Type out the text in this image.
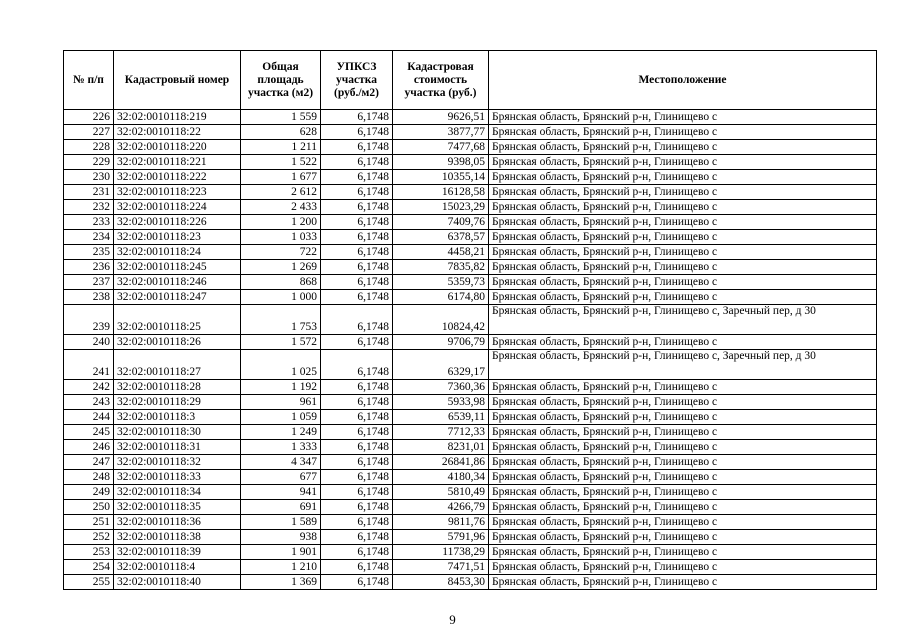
№ п/п	Кадастровый номер	Общая площадь участка (м2)	УПКСЗ участка (руб./м2)	Кадастровая стоимость участка (руб.)	Местоположение
226	32:02:0010118:219	1 559	6,1748	9626,51	Брянская область, Брянский р-н, Глинищево с
227	32:02:0010118:22	628	6,1748	3877,77	Брянская область, Брянский р-н, Глинищево с
228	32:02:0010118:220	1 211	6,1748	7477,68	Брянская область, Брянский р-н, Глинищево с
229	32:02:0010118:221	1 522	6,1748	9398,05	Брянская область, Брянский р-н, Глинищево с
230	32:02:0010118:222	1 677	6,1748	10355,14	Брянская область, Брянский р-н, Глинищево с
231	32:02:0010118:223	2 612	6,1748	16128,58	Брянская область, Брянский р-н, Глинищево с
232	32:02:0010118:224	2 433	6,1748	15023,29	Брянская область, Брянский р-н, Глинищево с
233	32:02:0010118:226	1 200	6,1748	7409,76	Брянская область, Брянский р-н, Глинищево с
234	32:02:0010118:23	1 033	6,1748	6378,57	Брянская область, Брянский р-н, Глинищево с
235	32:02:0010118:24	722	6,1748	4458,21	Брянская область, Брянский р-н, Глинищево с
236	32:02:0010118:245	1 269	6,1748	7835,82	Брянская область, Брянский р-н, Глинищево с
237	32:02:0010118:246	868	6,1748	5359,73	Брянская область, Брянский р-н, Глинищево с
238	32:02:0010118:247	1 000	6,1748	6174,80	Брянская область, Брянский р-н, Глинищево с
239	32:02:0010118:25	1 753	6,1748	10824,42	Брянская область, Брянский р-н, Глинищево с, Заречный пер, д 30
240	32:02:0010118:26	1 572	6,1748	9706,79	Брянская область, Брянский р-н, Глинищево с
241	32:02:0010118:27	1 025	6,1748	6329,17	Брянская область, Брянский р-н, Глинищево с, Заречный пер, д 30
242	32:02:0010118:28	1 192	6,1748	7360,36	Брянская область, Брянский р-н, Глинищево с
243	32:02:0010118:29	961	6,1748	5933,98	Брянская область, Брянский р-н, Глинищево с
244	32:02:0010118:3	1 059	6,1748	6539,11	Брянская область, Брянский р-н, Глинищево с
245	32:02:0010118:30	1 249	6,1748	7712,33	Брянская область, Брянский р-н, Глинищево с
246	32:02:0010118:31	1 333	6,1748	8231,01	Брянская область, Брянский р-н, Глинищево с
247	32:02:0010118:32	4 347	6,1748	26841,86	Брянская область, Брянский р-н, Глинищево с
248	32:02:0010118:33	677	6,1748	4180,34	Брянская область, Брянский р-н, Глинищево с
249	32:02:0010118:34	941	6,1748	5810,49	Брянская область, Брянский р-н, Глинищево с
250	32:02:0010118:35	691	6,1748	4266,79	Брянская область, Брянский р-н, Глинищево с
251	32:02:0010118:36	1 589	6,1748	9811,76	Брянская область, Брянский р-н, Глинищево с
252	32:02:0010118:38	938	6,1748	5791,96	Брянская область, Брянский р-н, Глинищево с
253	32:02:0010118:39	1 901	6,1748	11738,29	Брянская область, Брянский р-н, Глинищево с
254	32:02:0010118:4	1 210	6,1748	7471,51	Брянская область, Брянский р-н, Глинищево с
255	32:02:0010118:40	1 369	6,1748	8453,30	Брянская область, Брянский р-н, Глинищево с
9
